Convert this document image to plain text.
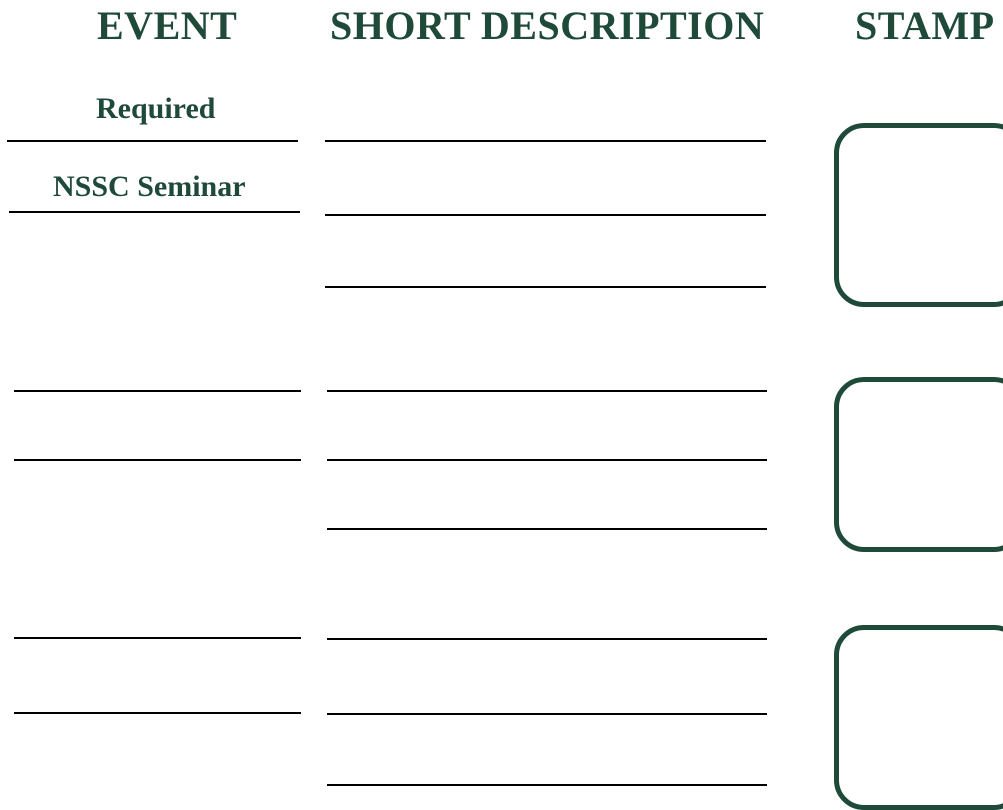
EVENT SHORT DESCRIPTION STAMP
Required
NSSC Seminar
